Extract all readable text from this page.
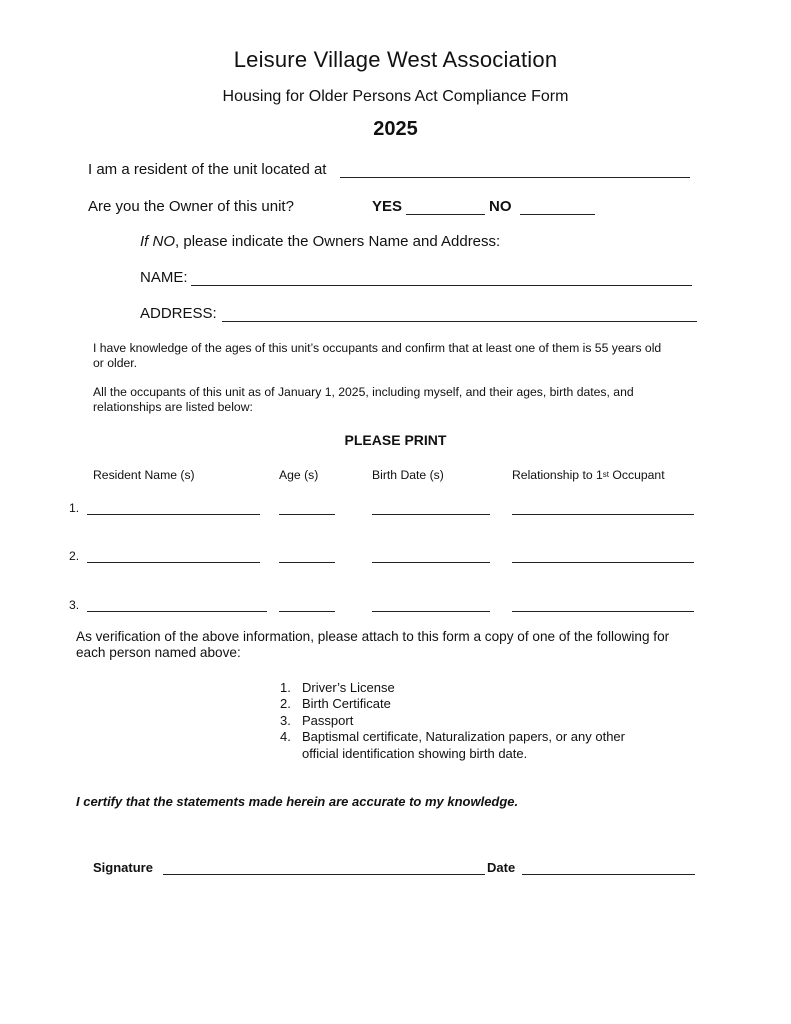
Leisure Village West Association
Housing for Older Persons Act Compliance Form
2025
I am a resident of the unit located at
Are you the Owner of this unit?	YES	NO
If NO, please indicate the Owners Name and Address:
NAME:
ADDRESS:
I have knowledge of the ages of this unit’s occupants and confirm that at least one of them is 55 years old
or older.
All the occupants of this unit as of January 1, 2025, including myself, and their ages, birth dates, and
relationships are listed below:
PLEASE PRINT
Resident Name (s)	Age (s)	Birth Date (s)	Relationship to 1st Occupant
1.
2.
3.
As verification of the above information, please attach to this form a copy of one of the following for
each person named above:
1. Driver’s License
2. Birth Certificate
3. Passport
4. Baptismal certificate, Naturalization papers, or any other
official identification showing birth date.
I certify that the statements made herein are accurate to my knowledge.
Signature	Date
